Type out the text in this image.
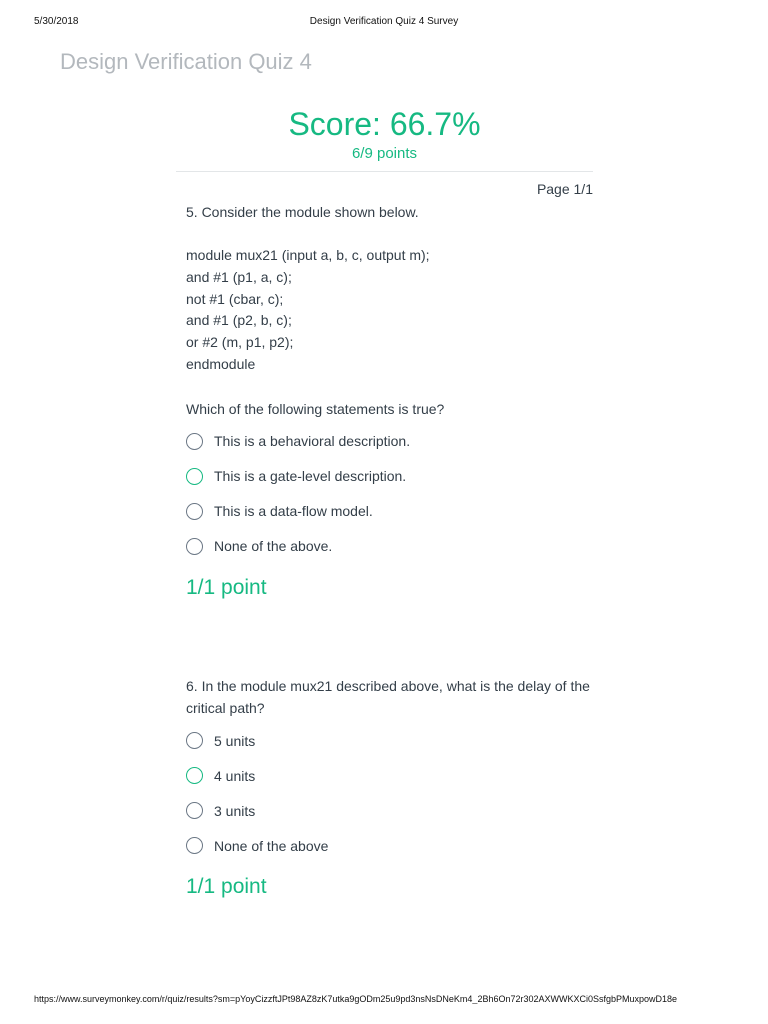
5/30/2018	Design Verification Quiz 4 Survey
Design Verification Quiz 4
Score: 66.7%
6/9 points
Page 1/1
5. Consider the module shown below.
module mux21 (input a, b, c, output m);
and #1 (p1, a, c);
not #1 (cbar, c);
and #1 (p2, b, c);
or #2 (m, p1, p2);
endmodule
Which of the following statements is true?
This is a behavioral description.
This is a gate-level description.
This is a data-flow model.
None of the above.
1/1 point
6. In the module mux21 described above, what is the delay of the critical path?
5 units
4 units
3 units
None of the above
1/1 point
https://www.surveymonkey.com/r/quiz/results?sm=pYoyCizzftJPt98AZ8zK7utka9gODm25u9pd3nsNsDNeKm4_2Bh6On72r302AXWWKXCi0SsfgbPMuxpowD18e
